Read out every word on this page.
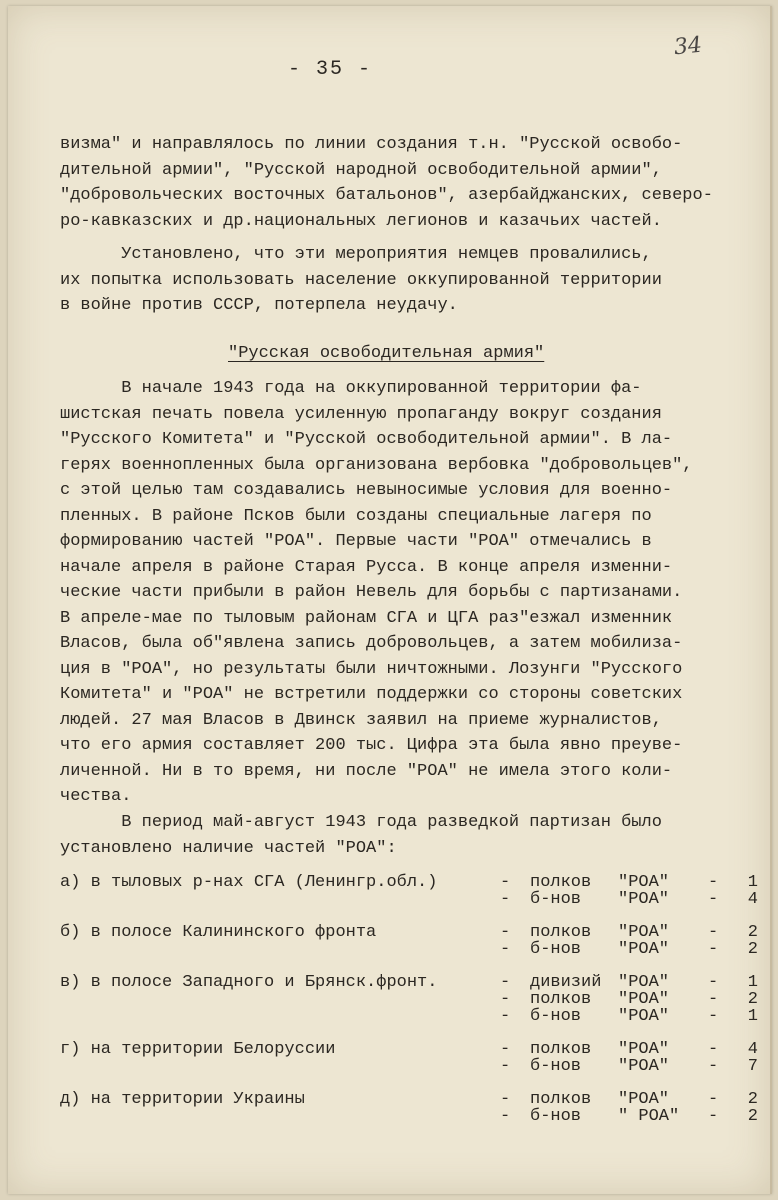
- 35 -
34
визма" и направлялось по линии создания т.н. "Русской освобо-
дительной армии", "Русской народной освободительной армии",
"добровольческих восточных батальонов", азербайджанских, северо-
ро-кавказских и др.национальных легионов и казачьих частей.
Установлено, что эти мероприятия немцев провалились,
их попытка использовать население оккупированной территории
в войне против СССР, потерпела неудачу.
"Русская освободительная армия"
В начале 1943 года на оккупированной территории фа-
шистская печать повела усиленную пропаганду вокруг создания
"Русского Комитета" и "Русской освободительной армии". В ла-
герях военнопленных была организована вербовка "добровольцев",
с этой целью там создавались невыносимые условия для военно-
пленных. В районе Псков были созданы специальные лагеря по
формированию частей "РОА". Первые части "РОА" отмечались в
начале апреля в районе Старая Русса. В конце апреля изменни-
ческие части прибыли в район Невель для борьбы с партизанами.
В апреле-мае по тыловым районам СГА и ЦГА раз"езжал изменник
Власов, была об"явлена запись добровольцев, а затем мобилиза-
ция в "РОА", но результаты были ничтожными. Лозунги "Русского
Комитета" и "РОА" не встретили поддержки со стороны советских
людей. 27 мая Власов в Двинск заявил на приеме журналистов,
что его армия составляет 200 тыс. Цифра эта была явно преуве-
личенной. Ни в то время, ни после "РОА" не имела этого коли-
чества.
В период май-август 1943 года разведкой партизан было
установлено наличие частей "РОА":
а) в тыловых р-нах СГА (Ленингр.обл.)	-	полков	"РОА"	-	1
-	б-нов	"РОА"	-	4
б) в полосе Калининского фронта	-	полков	"РОА"	-	2
-	б-нов	"РОА"	-	2
в) в полосе Западного и Брянск.фронт.	-	дивизий "РОА"	-	1
-	полков	"РОА"	-	2
-	б-нов	"РОА"	-	1
г) на территории Белоруссии	-	полков	"РОА"	-	4
-	б-нов	"РОА"	-	7
д) на территории Украины	-	полков	"РОА"	-	2
-	б-нов	" РОА"	-	2
